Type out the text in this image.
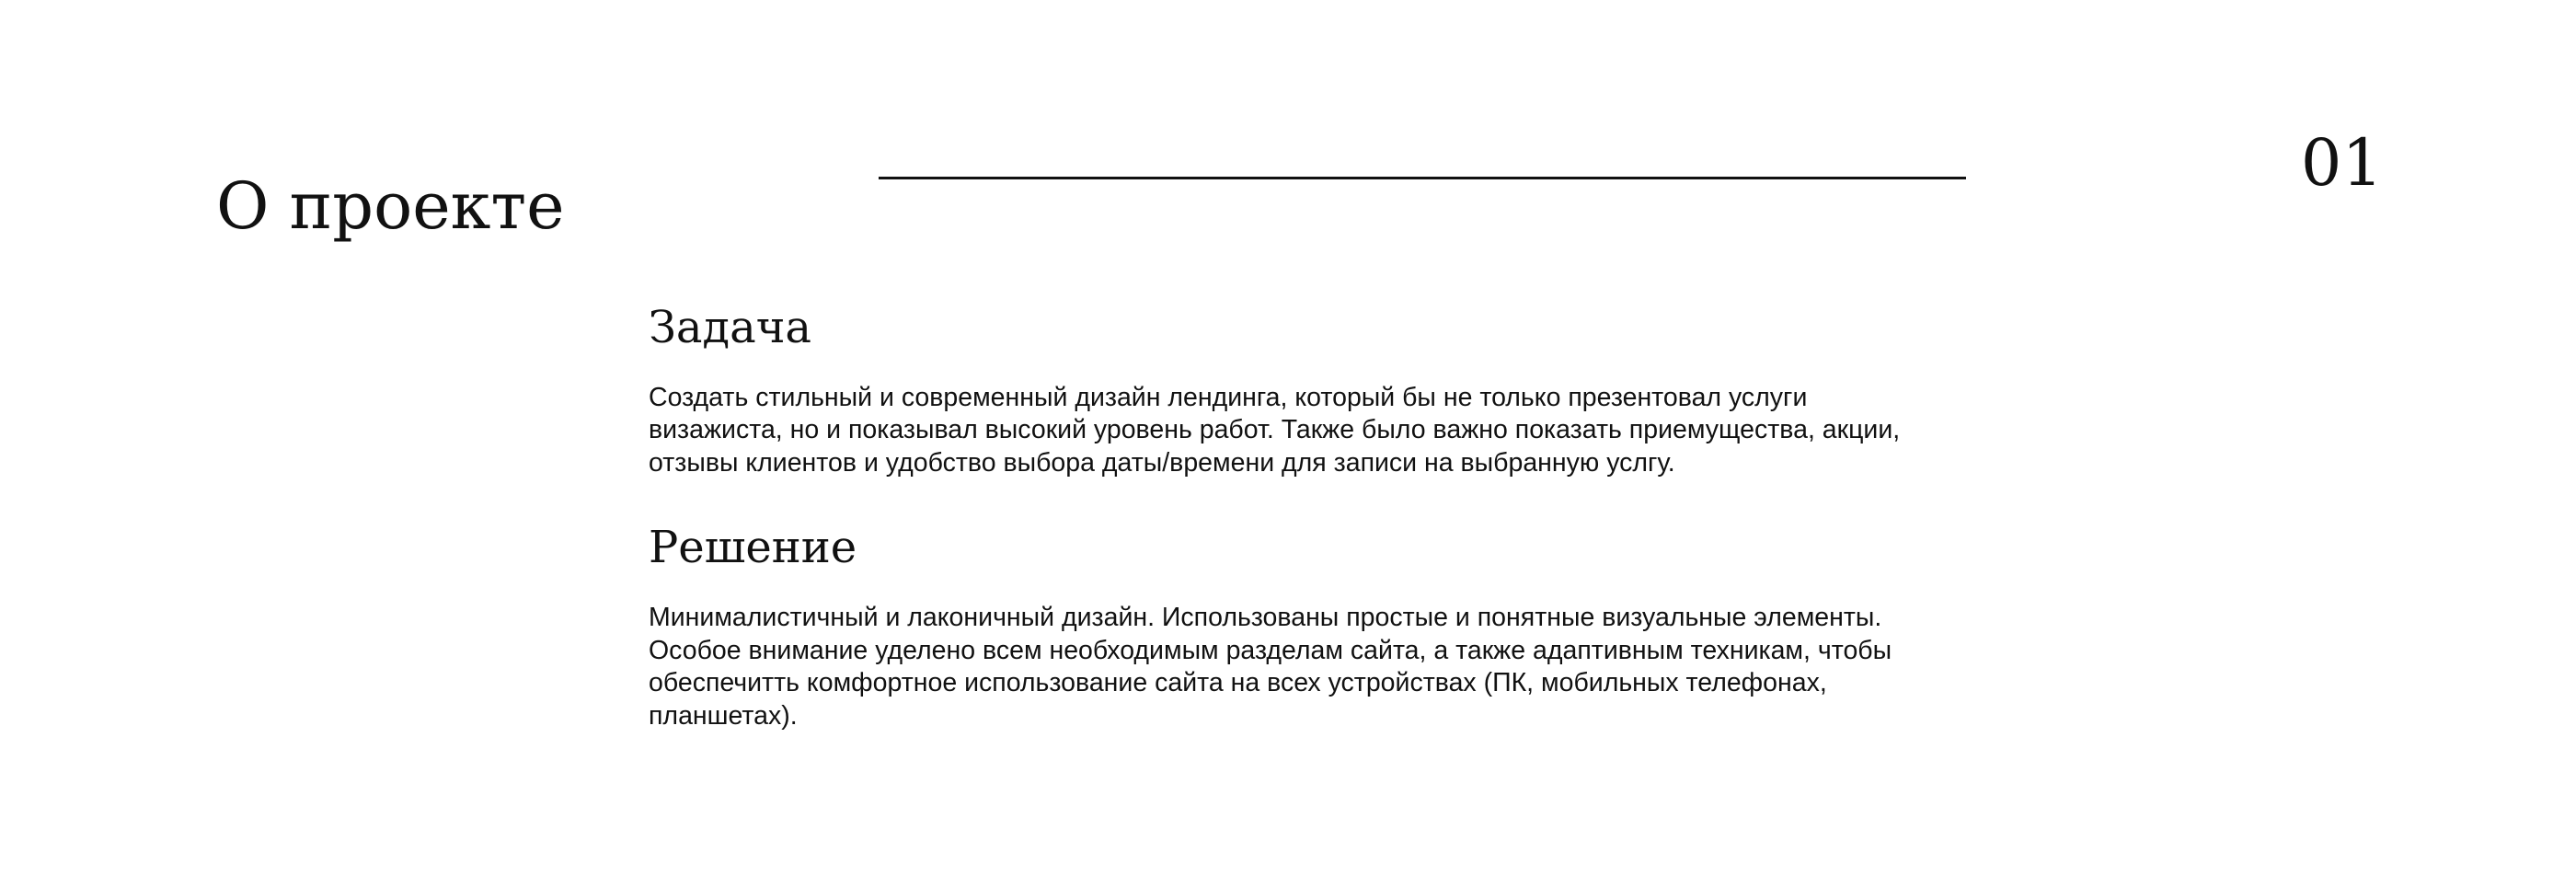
О проекте
01
Задача

Создать стильный и современный дизайн лендинга, который бы не только презентовал услуги визажиста, но и показывал высокий уровень работ. Также было важно показать приемущества, акции, отзывы клиентов и удобство выбора даты/времени для записи на выбранную услгу.

Решение

Минималистичный и лаконичный дизайн. Использованы простые и понятные визуальные элементы. Особое внимание уделено всем необходимым разделам сайта, а также адаптивным техникам, чтобы обеспечитть комфортное использование сайта на всех устройствах (ПК, мобильных телефонах, планшетах).
